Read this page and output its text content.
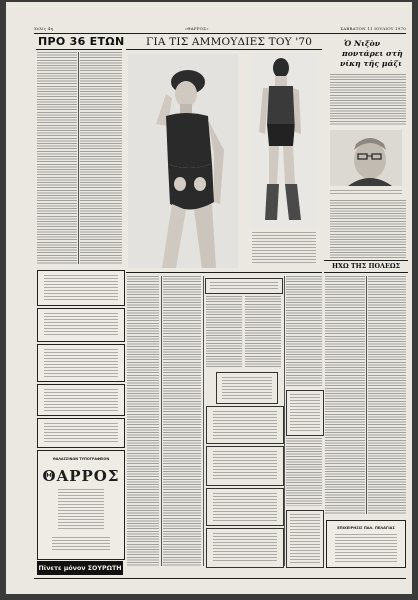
Σελίς 4η	«ΘΑΡΡΟΣ»	ΣΑΒΒΑΤΟΝ 11 ΙΟΥΛΙΟΥ 1970
ΠΡΟ 36 ΕΤΩΝ
ΘΑΛΑΣΣΙΝΩΝ ΤΥΠΟΓΡΑΦΕΙΟΝ
ΘΑΡΡΟΣ
Πίνετε μόνον ΣΟΥΡΩΤΗ
ΓΙΑ ΤΙΣ ΑΜΜΟΥΔΙΕΣ ΤΟΥ '70	Ὁ Νιξὸν
ποντάρει στὴ
νίκη τῆς μάζι
ΗΧΩ ΤΗΣ ΠΟΛΕΩΣ
ΕΠΙΧΕΙΡΗΣΙΣ ΠΑΛ. ΠΕΛΑΓΙΑΣ
